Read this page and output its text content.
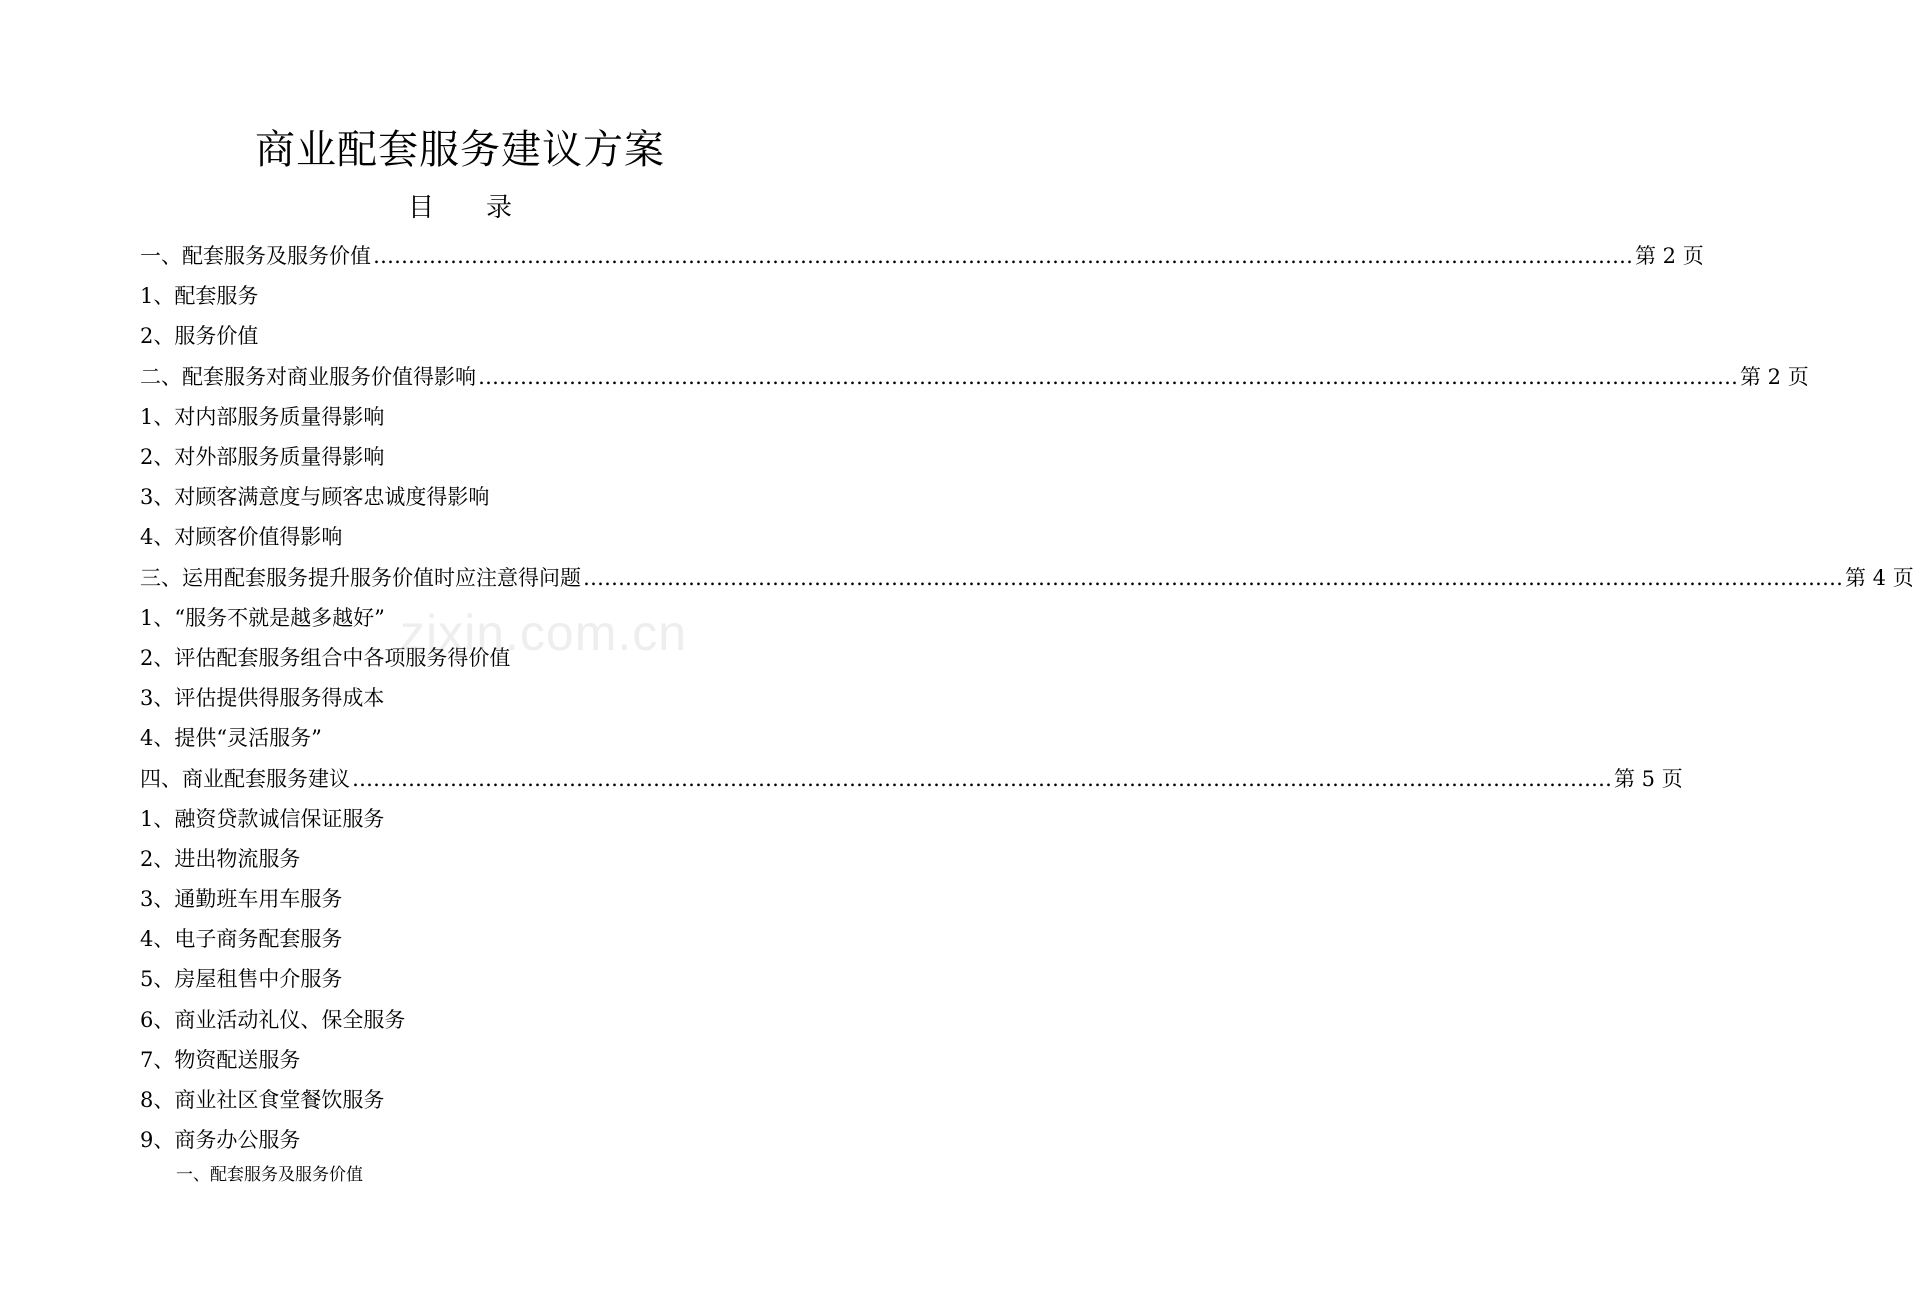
商业配套服务建议方案
目 录
一、配套服务及服务价值 ……………………………………………………………………………………………………………………………………………………………… 第 2 页
1、配套服务
2、服务价值
二、配套服务对商业服务价值得影响 ……………………………………………………………………………………………………………………………………………………………… 第 2 页
1、对内部服务质量得影响
2、对外部服务质量得影响
3、对顾客满意度与顾客忠诚度得影响
4、对顾客价值得影响
三、运用配套服务提升服务价值时应注意得问题 ……………………………………………………………………………………………………………………………………………………………… 第 4 页
1、“服务不就是越多越好”
2、评估配套服务组合中各项服务得价值
3、评估提供得服务得成本
4、提供“灵活服务”
四、商业配套服务建议 ……………………………………………………………………………………………………………………………………………………………… 第 5 页
1、融资贷款诚信保证服务
2、进出物流服务
3、通勤班车用车服务
4、电子商务配套服务
5、房屋租售中介服务
6、商业活动礼仪、保全服务
7、物资配送服务
8、商业社区食堂餐饮服务
9、商务办公服务
一、配套服务及服务价值
zixin.com.cn
